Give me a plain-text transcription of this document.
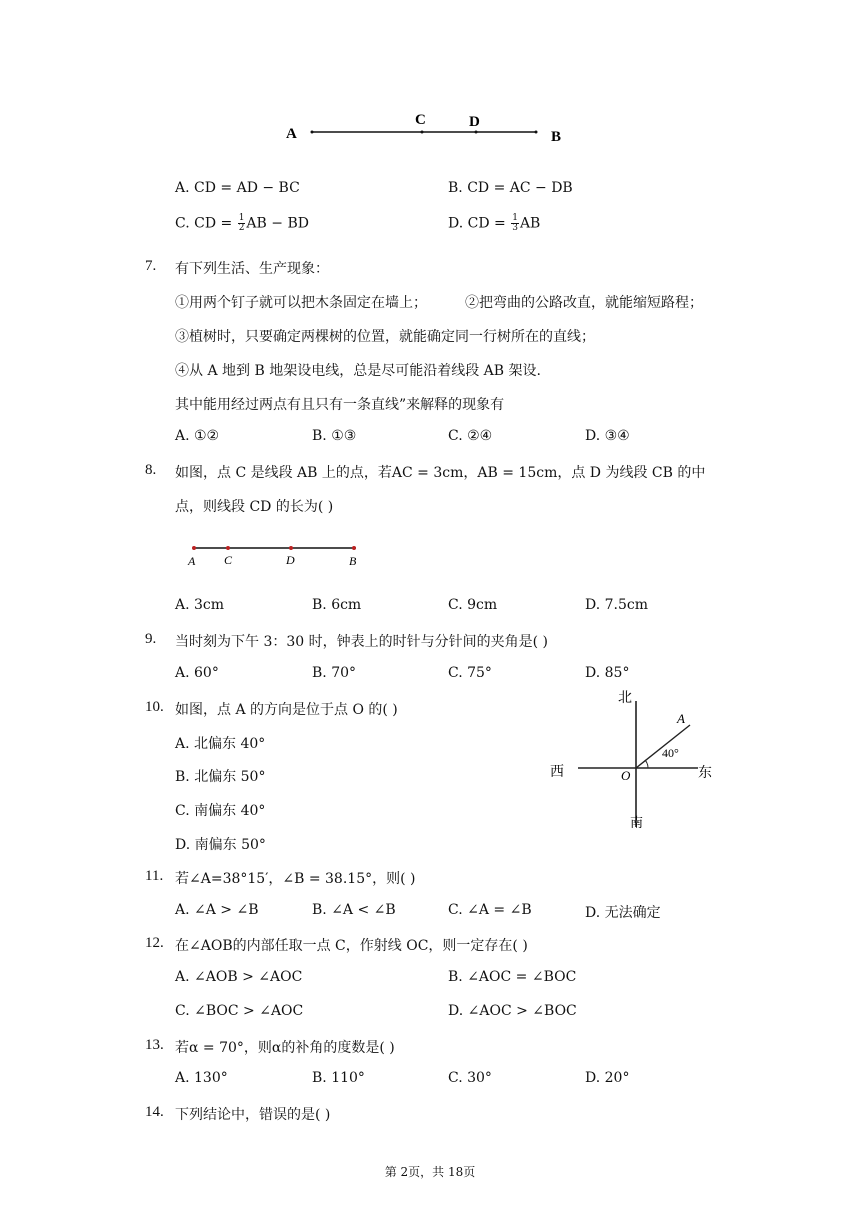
A
C	D
B
A. CD = AD − BC	B. CD = AC − DB
C. CD = $\frac{1}{2}$ AB − BD	D. CD = $\frac{1}{3}$ AB
7. 有下列生活、生产现象：
①用两个钉子就可以把木条固定在墙上；	②把弯曲的公路改直，就能缩短路程；
③植树时，只要确定两棵树的位置，就能确定同一行树所在的直线；
④从 A 地到 B 地架设电线，总是尽可能沿着线段 AB 架设.
其中能用经过两点有且只有一条直线”来解释的现象有
A. ①②	B. ①③	C. ②④	D. ③④
8. 如图，点 C 是线段 AB 上的点，若AC = 3cm，AB = 15cm，点 D 为线段 CB 的中
点，则线段 CD 的长为( )
A C	D	B
A. 3cm	B. 6cm	C. 9cm	D. 7.5cm
9. 当时刻为下午 3：30 时，钟表上的时针与分针间的夹角是( )
A. 60°	B. 70°	C. 75°	D. 85°
10. 如图，点 A 的方向是位于点 O 的( )
A. 北偏东 40°
B. 北偏东 50°
C. 南偏东 40°
D. 南偏东 50°
北
南
西	东
O
A
40°
11. 若∠A=38°15′，∠B = 38.15°，则( )
A. ∠A > ∠B	B. ∠A < ∠B	C. ∠A = ∠B	D. 无法确定
12. 在∠AOB的内部任取一点 C，作射线 OC，则一定存在( )
A. ∠AOB > ∠AOC	B. ∠AOC = ∠BOC
C. ∠BOC > ∠AOC	D. ∠AOC > ∠BOC
13. 若α = 70°，则α的补角的度数是( )
A. 130°	B. 110°	C. 30°	D. 20°
14. 下列结论中，错误的是( )
第 2页，共 18页
